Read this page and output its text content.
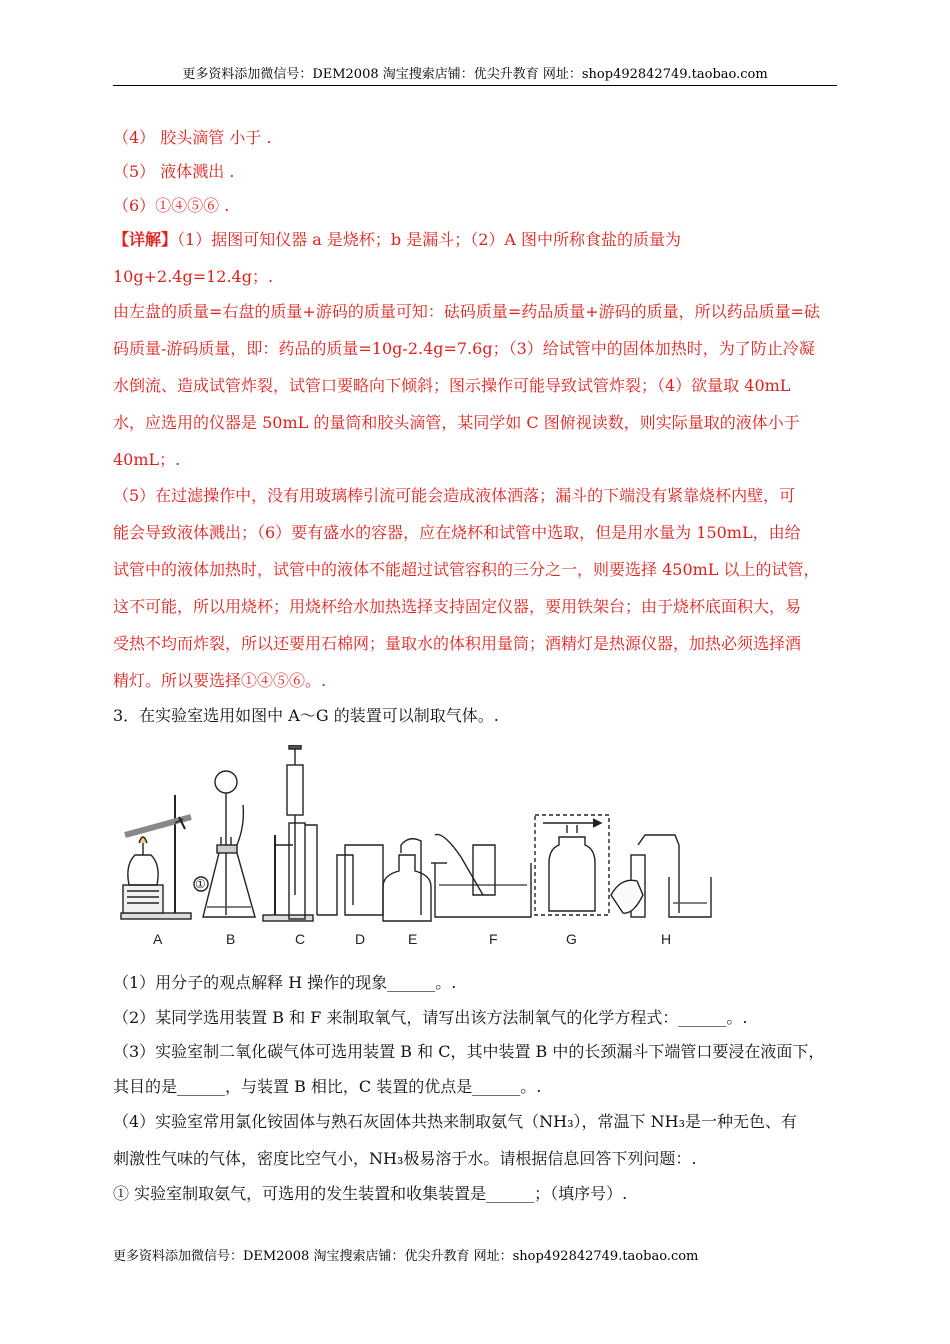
更多资料添加微信号：DEM2008 淘宝搜索店铺：优尖升教育 网址：shop492842749.taobao.com
（4） 胶头滴管 小于 .
（5） 液体溅出 .
（6）①④⑤⑥ .
【详解】（1）据图可知仪器 a 是烧杯；b 是漏斗；（2）A 图中所称食盐的质量为
10g+2.4g=12.4g；.
由左盘的质量=右盘的质量+游码的质量可知：砝码质量=药品质量+游码的质量，所以药品质量=砝
码质量-游码质量，即：药品的质量=10g-2.4g=7.6g；（3）给试管中的固体加热时，为了防止冷凝
水倒流、造成试管炸裂，试管口要略向下倾斜；图示操作可能导致试管炸裂；（4）欲量取 40mL
水，应选用的仪器是 50mL 的量筒和胶头滴管，某同学如 C 图俯视读数，则实际量取的液体小于
40mL；.
（5）在过滤操作中，没有用玻璃棒引流可能会造成液体洒落；漏斗的下端没有紧靠烧杯内壁，可
能会导致液体溅出；（6）要有盛水的容器，应在烧杯和试管中选取，但是用水量为 150mL，由给
试管中的液体加热时，试管中的液体不能超过试管容积的三分之一，则要选择 450mL 以上的试管，
这不可能，所以用烧杯；用烧杯给水加热选择支持固定仪器，要用铁架台；由于烧杯底面积大，易
受热不均而炸裂，所以还要用石棉网；量取水的体积用量筒；酒精灯是热源仪器，加热必须选择酒
精灯。所以要选择①④⑤⑥。.
3．在实验室选用如图中 A～G 的装置可以制取气体。.
A	B	C	D	E	F	G	H
①
（1）用分子的观点解释 H 操作的现象______。.
（2）某同学选用装置 B 和 F 来制取氧气，请写出该方法制氧气的化学方程式：______。.
（3）实验室制二氧化碳气体可选用装置 B 和 C，其中装置 B 中的长颈漏斗下端管口要浸在液面下，
其目的是______，与装置 B 相比，C 装置的优点是______。.
（4）实验室常用氯化铵固体与熟石灰固体共热来制取氨气（NH₃），常温下 NH₃是一种无色、有
刺激性气味的气体，密度比空气小，NH₃极易溶于水。请根据信息回答下列问题：.
① 实验室制取氨气，可选用的发生装置和收集装置是______；（填序号）.
更多资料添加微信号：DEM2008 淘宝搜索店铺：优尖升教育 网址：shop492842749.taobao.com
